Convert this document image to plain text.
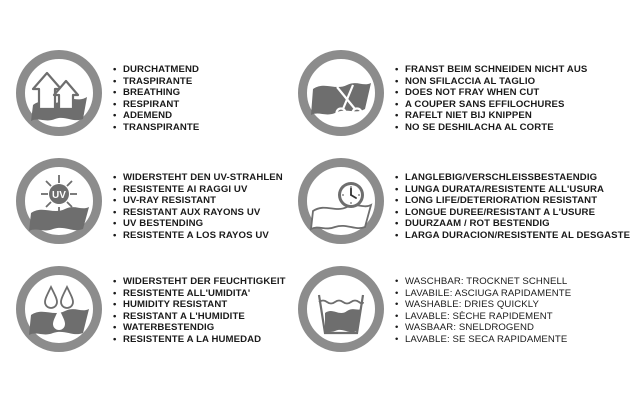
• DURCHATMEND
• TRASPIRANTE
• BREATHING
• RESPIRANT
• ADEMEND
• TRANSPIRANTE
• FRANST BEIM SCHNEIDEN NICHT AUS
• NON SFILACCIA AL TAGLIO
• DOES NOT FRAY WHEN CUT
• A COUPER SANS EFFILOCHURES
• RAFELT NIET BIJ KNIPPEN
• NO SE DESHILACHA AL CORTE
UV
• WIDERSTEHT DEN UV-STRAHLEN
• RESISTENTE AI RAGGI UV
• UV-RAY RESISTANT
• RESISTANT AUX RAYONS UV
• UV BESTENDING
• RESISTENTE A LOS RAYOS UV
• LANGLEBIG/VERSCHLEISSBESTAENDIG
• LUNGA DURATA/RESISTENTE ALL'USURA
• LONG LIFE/DETERIORATION RESISTANT
• LONGUE DUREE/RESISTANT A L'USURE
• DUURZAAM / ROT BESTENDIG
• LARGA DURACION/RESISTENTE AL DESGASTE
• WIDERSTEHT DER FEUCHTIGKEIT
• RESISTENTE ALL'UMIDITA'
• HUMIDITY RESISTANT
• RESISTANT A L'HUMIDITE
• WATERBESTENDIG
• RESISTENTE A LA HUMEDAD
• WASCHBAR: TROCKNET SCHNELL
• LAVABILE: ASCIUGA RAPIDAMENTE
• WASHABLE: DRIES QUICKLY
• LAVABLE: SÈCHE RAPIDEMENT
• WASBAAR: SNELDROGEND
• LAVABLE: SE SECA RAPIDAMENTE
